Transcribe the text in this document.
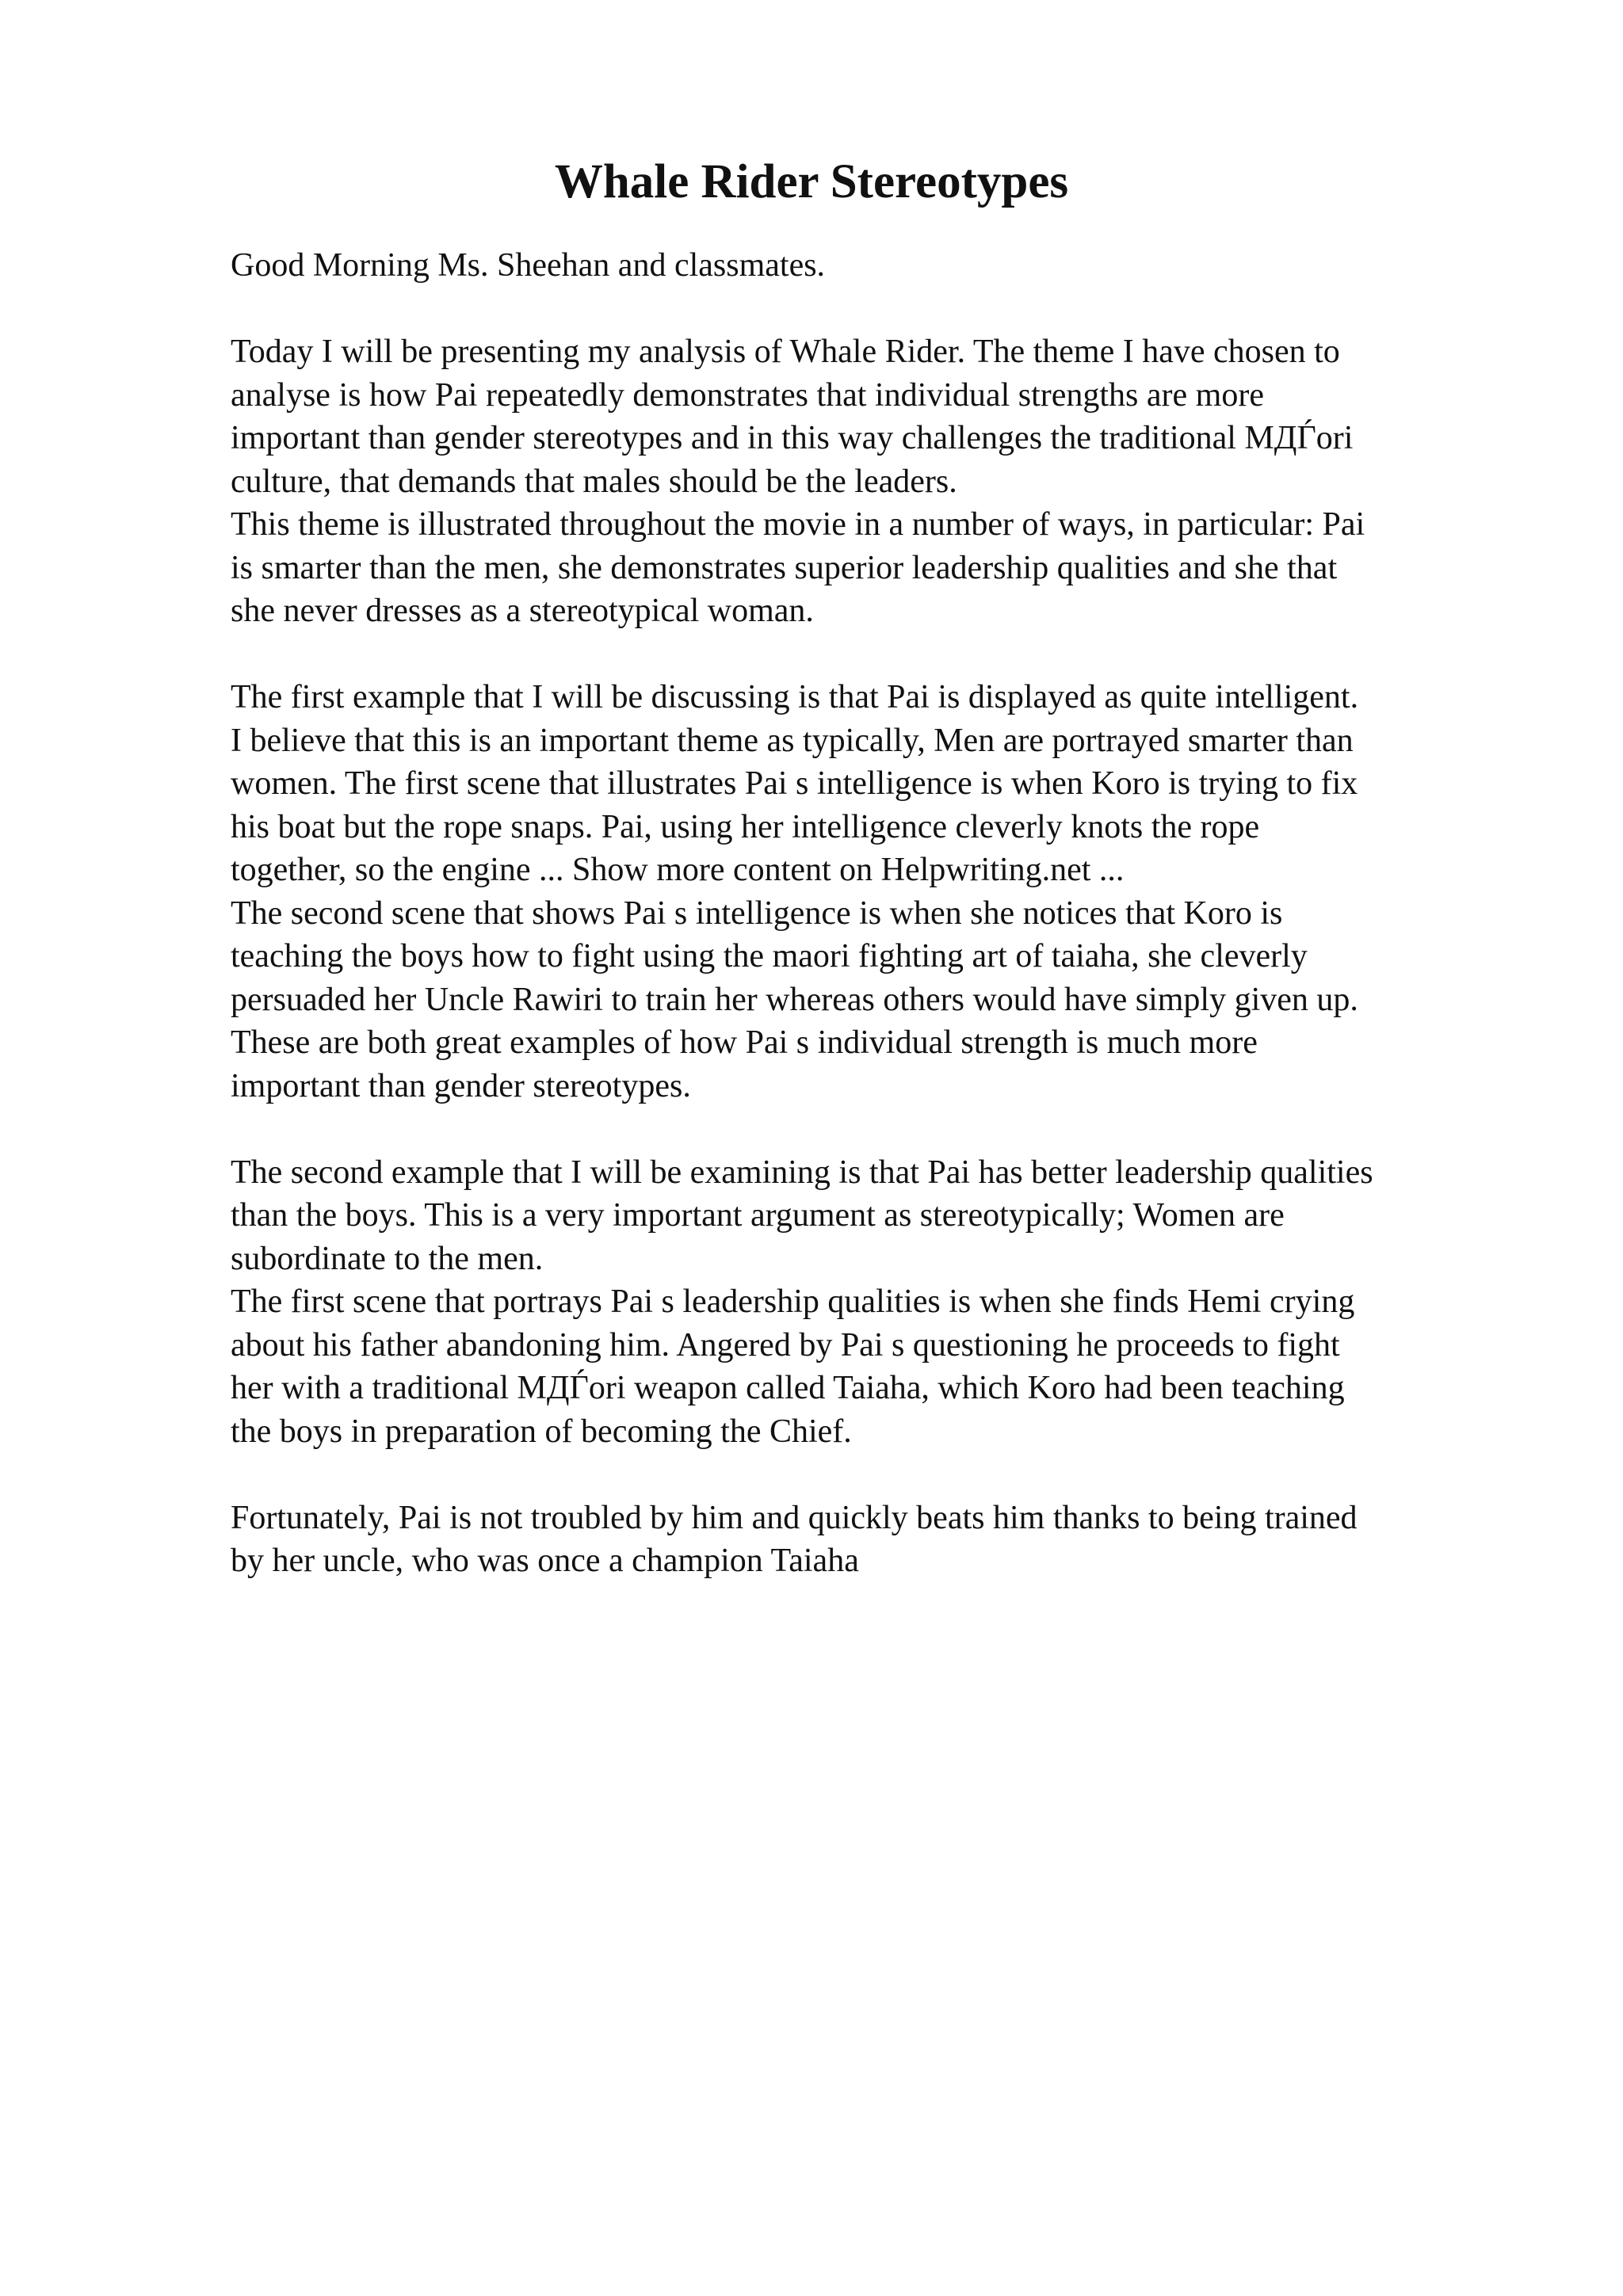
Whale Rider Stereotypes
Good Morning Ms. Sheehan and classmates.
Today I will be presenting my analysis of Whale Rider. The theme I have chosen to
analyse is how Pai repeatedly demonstrates that individual strengths are more
important than gender stereotypes and in this way challenges the traditional МДЃori
culture, that demands that males should be the leaders.
This theme is illustrated throughout the movie in a number of ways, in particular: Pai
is smarter than the men, she demonstrates superior leadership qualities and she that
she never dresses as a stereotypical woman.
The first example that I will be discussing is that Pai is displayed as quite intelligent.
I believe that this is an important theme as typically, Men are portrayed smarter than
women. The first scene that illustrates Pai s intelligence is when Koro is trying to fix
his boat but the rope snaps. Pai, using her intelligence cleverly knots the rope
together, so the engine ... Show more content on Helpwriting.net ...
The second scene that shows Pai s intelligence is when she notices that Koro is
teaching the boys how to fight using the maori fighting art of taiaha, she cleverly
persuaded her Uncle Rawiri to train her whereas others would have simply given up.
These are both great examples of how Pai s individual strength is much more
important than gender stereotypes.
The second example that I will be examining is that Pai has better leadership qualities
than the boys. This is a very important argument as stereotypically; Women are
subordinate to the men.
The first scene that portrays Pai s leadership qualities is when she finds Hemi crying
about his father abandoning him. Angered by Pai s questioning he proceeds to fight
her with a traditional МДЃori weapon called Taiaha, which Koro had been teaching
the boys in preparation of becoming the Chief.
Fortunately, Pai is not troubled by him and quickly beats him thanks to being trained
by her uncle, who was once a champion Taiaha
